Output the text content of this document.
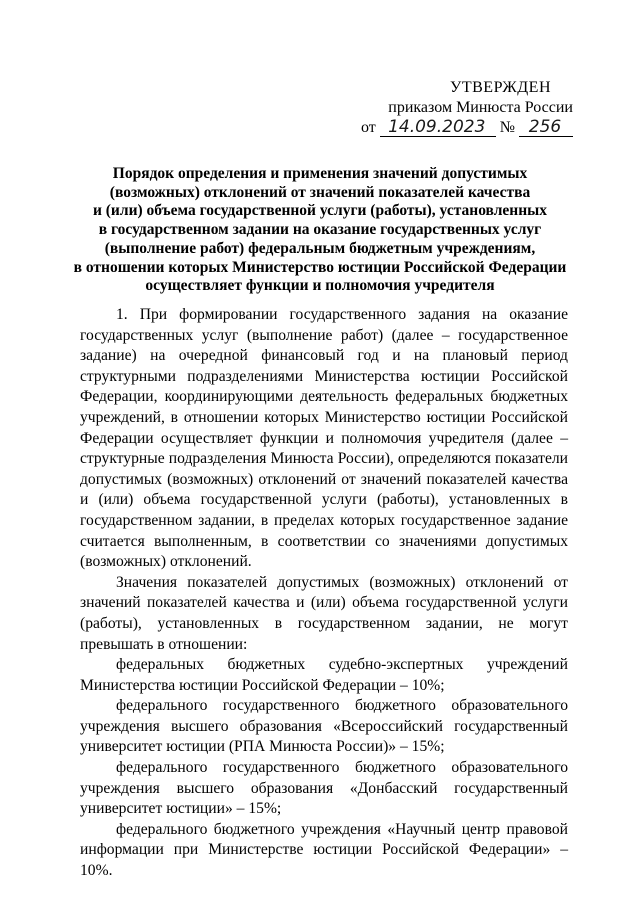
УТВЕРЖДЕН
приказом Минюста России
от 14.09.2023 № 256
Порядок определения и применения значений допустимых
(возможных) отклонений от значений показателей качества
и (или) объема государственной услуги (работы), установленных
в государственном задании на оказание государственных услуг
(выполнение работ) федеральным бюджетным учреждениям,
в отношении которых Министерство юстиции Российской Федерации
осуществляет функции и полномочия учредителя

1. При формировании государственного задания на оказание государственных услуг (выполнение работ) (далее – государственное задание) на очередной финансовый год и на плановый период структурными подразделениями Министерства юстиции Российской Федерации, координирующими деятельность федеральных бюджетных учреждений, в отношении которых Министерство юстиции Российской Федерации осуществляет функции и полномочия учредителя (далее – структурные подразделения Минюста России), определяются показатели допустимых (возможных) отклонений от значений показателей качества и (или) объема государственной услуги (работы), установленных в государственном задании, в пределах которых государственное задание считается выполненным, в соответствии со значениями допустимых (возможных) отклонений.

Значения показателей допустимых (возможных) отклонений от значений показателей качества и (или) объема государственной услуги (работы), установленных в государственном задании, не могут превышать в отношении:

федеральных бюджетных судебно-экспертных учреждений Министерства юстиции Российской Федерации – 10%;

федерального государственного бюджетного образовательного учреждения высшего образования «Всероссийский государственный университет юстиции (РПА Минюста России)» – 15%;

федерального государственного бюджетного образовательного учреждения высшего образования «Донбасский государственный университет юстиции» – 15%;

федерального бюджетного учреждения «Научный центр правовой информации при Министерстве юстиции Российской Федерации» – 10%.
